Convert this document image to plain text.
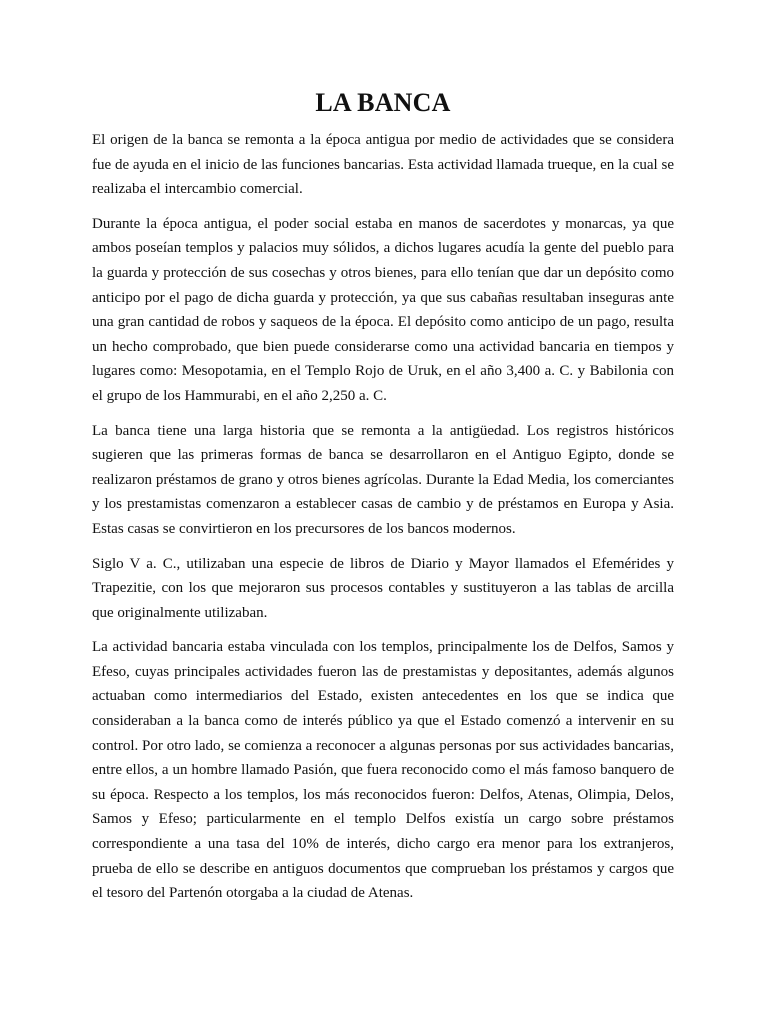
LA BANCA

El origen de la banca se remonta a la época antigua por medio de actividades que se considera fue de ayuda en el inicio de las funciones bancarias. Esta actividad llamada trueque, en la cual se realizaba el intercambio comercial.

Durante la época antigua, el poder social estaba en manos de sacerdotes y monarcas, ya que ambos poseían templos y palacios muy sólidos, a dichos lugares acudía la gente del pueblo para la guarda y protección de sus cosechas y otros bienes, para ello tenían que dar un depósito como anticipo por el pago de dicha guarda y protección, ya que sus cabañas resultaban inseguras ante una gran cantidad de robos y saqueos de la época. El depósito como anticipo de un pago, resulta un hecho comprobado, que bien puede considerarse como una actividad bancaria en tiempos y lugares como: Mesopotamia, en el Templo Rojo de Uruk, en el año 3,400 a. C. y Babilonia con el grupo de los Hammurabi, en el año 2,250 a. C.

La banca tiene una larga historia que se remonta a la antigüedad. Los registros históricos sugieren que las primeras formas de banca se desarrollaron en el Antiguo Egipto, donde se realizaron préstamos de grano y otros bienes agrícolas. Durante la Edad Media, los comerciantes y los prestamistas comenzaron a establecer casas de cambio y de préstamos en Europa y Asia. Estas casas se convirtieron en los precursores de los bancos modernos.

Siglo V a. C., utilizaban una especie de libros de Diario y Mayor llamados el Efemérides y Trapezitie, con los que mejoraron sus procesos contables y sustituyeron a las tablas de arcilla que originalmente utilizaban.

La actividad bancaria estaba vinculada con los templos, principalmente los de Delfos, Samos y Efeso, cuyas principales actividades fueron las de prestamistas y depositantes, además algunos actuaban como intermediarios del Estado, existen antecedentes en los que se indica que consideraban a la banca como de interés público ya que el Estado comenzó a intervenir en su control. Por otro lado, se comienza a reconocer a algunas personas por sus actividades bancarias, entre ellos, a un hombre llamado Pasión, que fuera reconocido como el más famoso banquero de su época. Respecto a los templos, los más reconocidos fueron: Delfos, Atenas, Olimpia, Delos, Samos y Efeso; particularmente en el templo Delfos existía un cargo sobre préstamos correspondiente a una tasa del 10% de interés, dicho cargo era menor para los extranjeros, prueba de ello se describe en antiguos documentos que comprueban los préstamos y cargos que el tesoro del Partenón otorgaba a la ciudad de Atenas.
